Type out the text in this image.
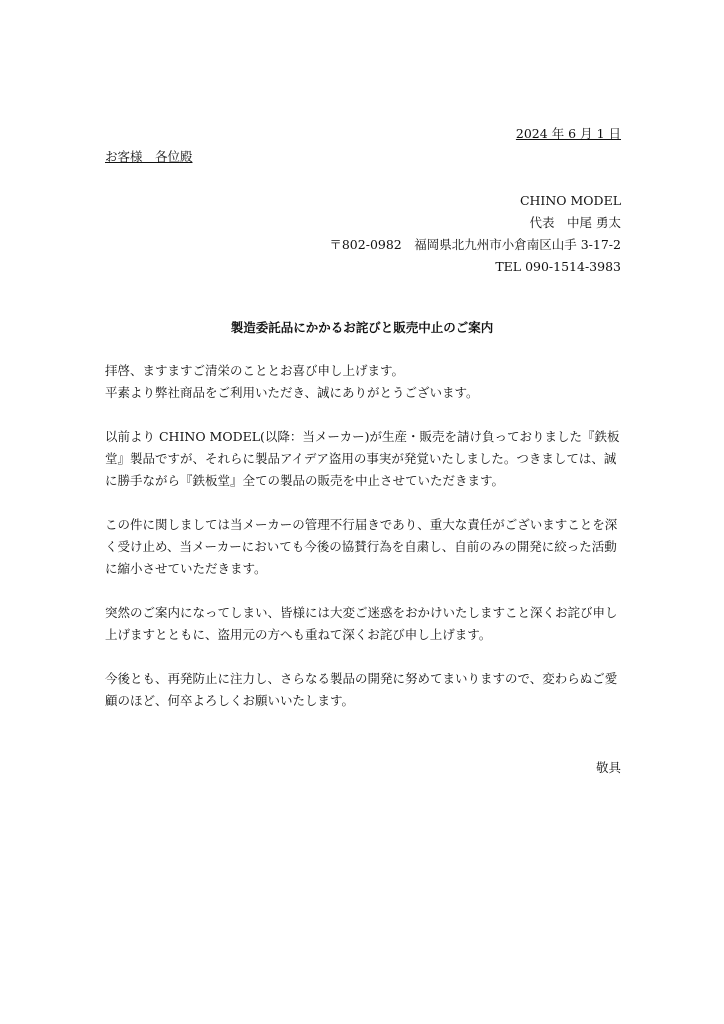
2024 年 6 月 1 日
お客様　各位殿
CHINO MODEL
代表　中尾 勇太
〒802-0982　福岡県北九州市小倉南区山手 3-17-2
TEL 090-1514-3983
製造委託品にかかるお詫びと販売中止のご案内

拝啓、ますますご清栄のこととお喜び申し上げます。
平素より弊社商品をご利用いただき、誠にありがとうございます。

以前より CHINO MODEL(以降：当メーカー)が生産・販売を請け負っておりました『鉄板堂』製品ですが、それらに製品アイデア盗用の事実が発覚いたしました。つきましては、誠に勝手ながら『鉄板堂』全ての製品の販売を中止させていただきます。

この件に関しましては当メーカーの管理不行届きであり、重大な責任がございますことを深く受け止め、当メーカーにおいても今後の協賛行為を自粛し、自前のみの開発に絞った活動に縮小させていただきます。

突然のご案内になってしまい、皆様には大変ご迷惑をおかけいたしますこと深くお詫び申し上げますとともに、盗用元の方へも重ねて深くお詫び申し上げます。

今後とも、再発防止に注力し、さらなる製品の開発に努めてまいりますので、変わらぬご愛顧のほど、何卒よろしくお願いいたします。

敬具
